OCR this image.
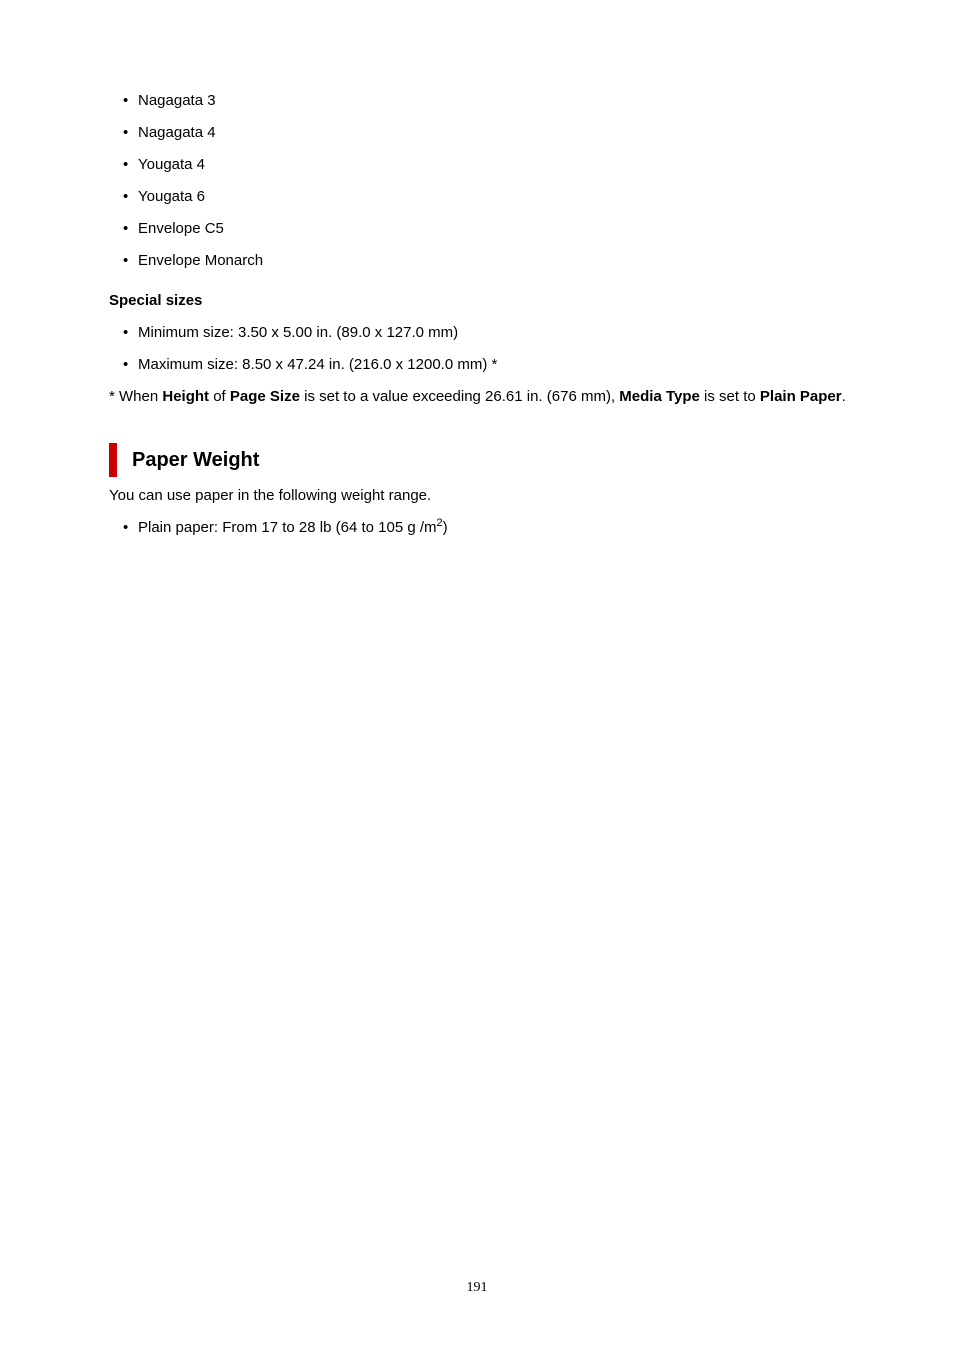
• Nagagata 3
• Nagagata 4
• Yougata 4
• Yougata 6
• Envelope C5
• Envelope Monarch
Special sizes
• Minimum size: 3.50 x 5.00 in. (89.0 x 127.0 mm)
• Maximum size: 8.50 x 47.24 in. (216.0 x 1200.0 mm) *
* When Height of Page Size is set to a value exceeding 26.61 in. (676 mm), Media Type is set to Plain Paper.
Paper Weight
You can use paper in the following weight range.
• Plain paper: From 17 to 28 lb (64 to 105 g $/m^2$)
191
